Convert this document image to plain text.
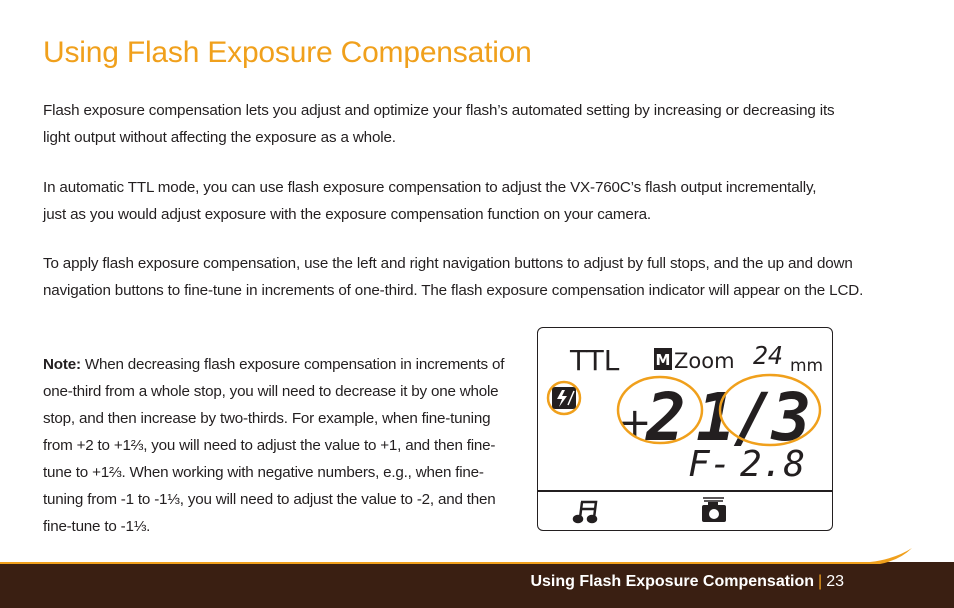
Using Flash Exposure Compensation

Flash exposure compensation lets you adjust and optimize your flash’s automated setting by increasing or decreasing its light output without affecting the exposure as a whole.

In automatic TTL mode, you can use flash exposure compensation to adjust the VX-760C’s flash output incrementally, just as you would adjust exposure with the exposure compensation function on your camera.

To apply flash exposure compensation, use the left and right navigation buttons to adjust by full stops, and the up and down navigation buttons to fine-tune in increments of one-third. The flash exposure compensation indicator will appear on the LCD.

Note: When decreasing flash exposure compensation in increments of one-third from a whole stop, you will need to decrease it by one whole stop, and then increase by two-thirds. For example, when fine-tuning from +2 to +1⅔, you will need to adjust the value to +1, and then fine-tune to +1⅔. When working with negative numbers, e.g., when fine-tuning from -1 to -1⅓, you will need to adjust the value to -2, and then fine-tune to -1⅓.

TTL M Zoom 24 mm
+
2 1/3
F- 2.8
Using Flash Exposure Compensation | 23
